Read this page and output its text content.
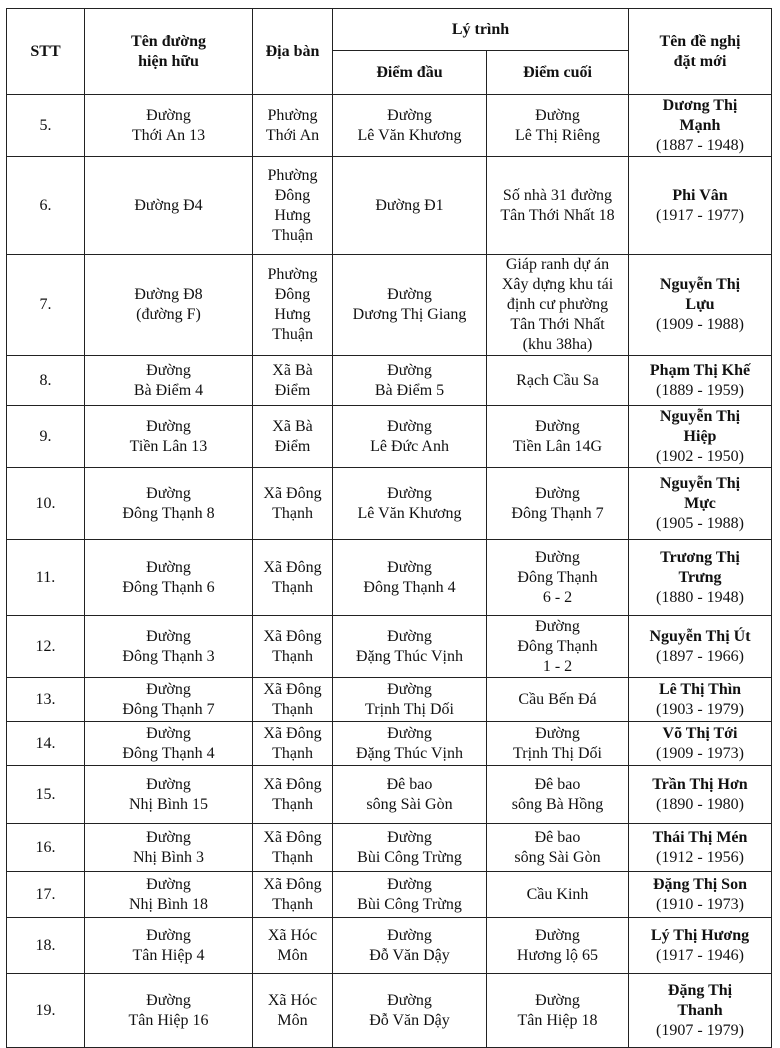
STT	Tên đường
hiện hữu	Địa bàn	Lý trình		Tên đề nghị
đặt mới

			Điểm đầu	Điểm cuối	
5.	Đường
Thới An 13	Phường
Thới An	Đường
Lê Văn Khương	Đường
Lê Thị Riêng	Dương Thị
Mạnh
(1887 - 1948)

6.	Đường Đ4	Phường
Đông
Hưng
Thuận	Đường Đ1	Số nhà 31 đường
Tân Thới Nhất 18	Phi Vân
(1917 - 1977)

7.	Đường Đ8
(đường F)	Phường
Đông
Hưng
Thuận	Đường
Dương Thị Giang	Giáp ranh dự án
Xây dựng khu tái
định cư phường
Tân Thới Nhất
(khu 38ha)	Nguyễn Thị
Lựu
(1909 - 1988)

8.	Đường
Bà Điểm 4	Xã Bà
Điểm	Đường
Bà Điểm 5	Rạch Cầu Sa	Phạm Thị Khế
(1889 - 1959)

9.	Đường
Tiền Lân 13	Xã Bà
Điểm	Đường
Lê Đức Anh	Đường
Tiền Lân 14G	Nguyễn Thị
Hiệp
(1902 - 1950)

10.	Đường
Đông Thạnh 8	Xã Đông
Thạnh	Đường
Lê Văn Khương	Đường
Đông Thạnh 7	Nguyễn Thị
Mực
(1905 - 1988)

11.	Đường
Đông Thạnh 6	Xã Đông
Thạnh	Đường
Đông Thạnh 4	Đường
Đông Thạnh
6 - 2	Trương Thị
Trưng
(1880 - 1948)

12.	Đường
Đông Thạnh 3	Xã Đông
Thạnh	Đường
Đặng Thúc Vịnh	Đường
Đông Thạnh
1 - 2	Nguyễn Thị Út
(1897 - 1966)

13.	Đường
Đông Thạnh 7	Xã Đông
Thạnh	Đường
Trịnh Thị Dối	Cầu Bến Đá	Lê Thị Thìn
(1903 - 1979)

14.	Đường
Đông Thạnh 4	Xã Đông
Thạnh	Đường
Đặng Thúc Vịnh	Đường
Trịnh Thị Dối	Võ Thị Tới
(1909 - 1973)

15.	Đường
Nhị Bình 15	Xã Đông
Thạnh	Đê bao
sông Sài Gòn	Đê bao
sông Bà Hồng	Trần Thị Hơn
(1890 - 1980)

16.	Đường
Nhị Bình 3	Xã Đông
Thạnh	Đường
Bùi Công Trừng	Đê bao
sông Sài Gòn	Thái Thị Mén
(1912 - 1956)

17.	Đường
Nhị Bình 18	Xã Đông
Thạnh	Đường
Bùi Công Trừng	Cầu Kinh	Đặng Thị Son
(1910 - 1973)

18.	Đường
Tân Hiệp 4	Xã Hóc
Môn	Đường
Đỗ Văn Dậy	Đường
Hương lộ 65	Lý Thị Hương
(1917 - 1946)

19.	Đường
Tân Hiệp 16	Xã Hóc
Môn	Đường
Đỗ Văn Dậy	Đường
Tân Hiệp 18	Đặng Thị
Thanh
(1907 - 1979)
